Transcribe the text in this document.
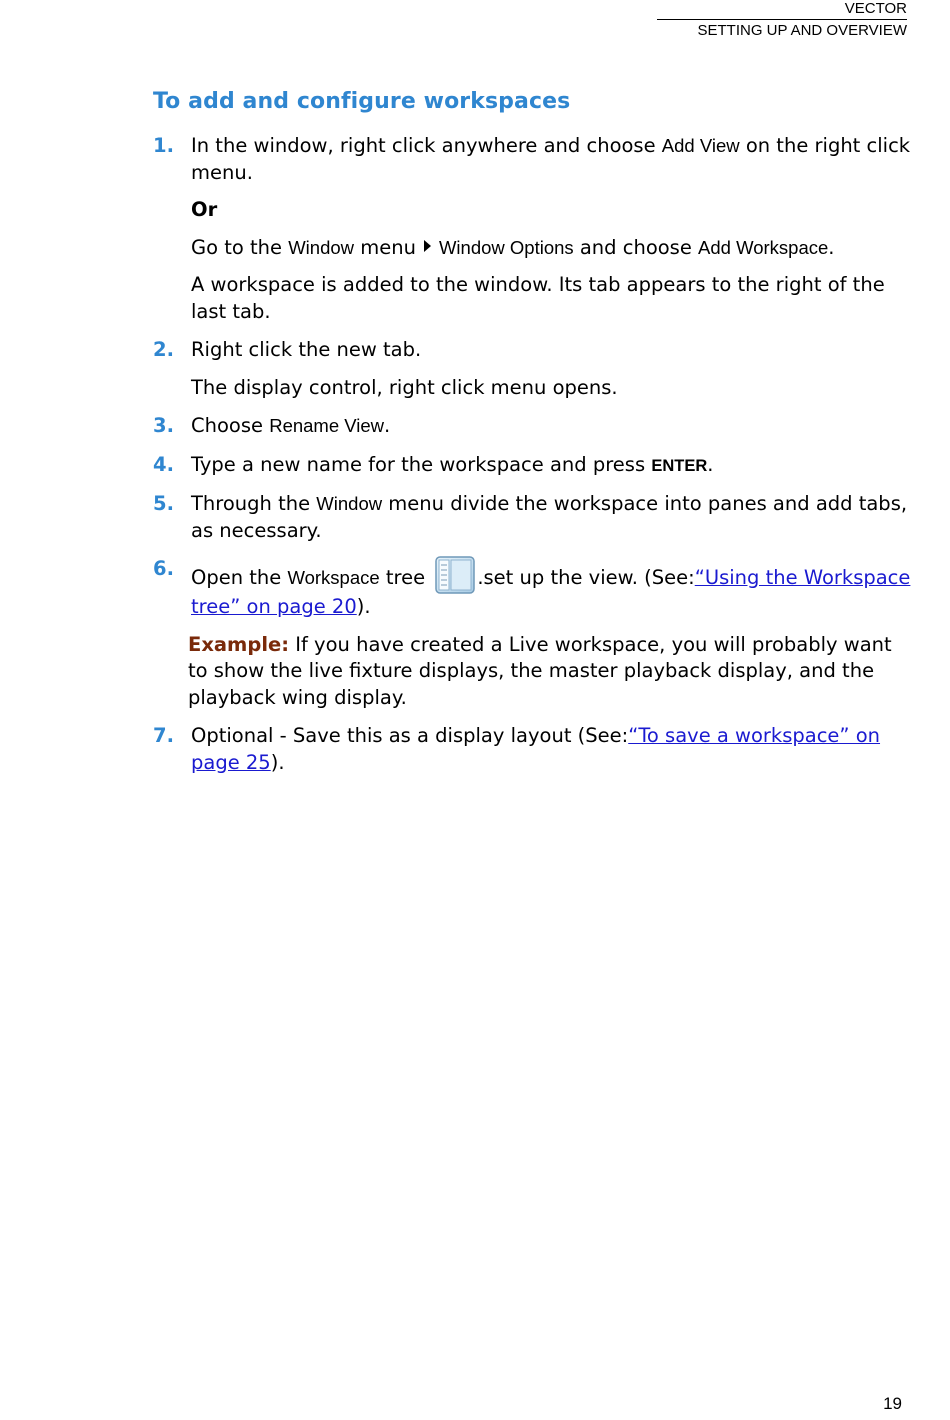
VECTOR
SETTING UP AND OVERVIEW
To add and configure workspaces
1. In the window, right click anywhere and choose Add View on the right click menu.

Or

Go to the Window menu Window Options and choose Add Workspace.

A workspace is added to the window. Its tab appears to the right of the last tab.

2. Right click the new tab.

The display control, right click menu opens.

3. Choose Rename View.

4. Type a new name for the workspace and press ENTER.

5. Through the Window menu divide the workspace into panes and add tabs, as necessary.

6. Open the Workspace tree .set up the view. (See:“Using the Workspace tree” on page 20).

Example: If you have created a Live workspace, you will probably want to show the live fixture displays, the master playback display, and the playback wing display.

7. Optional - Save this as a display layout (See:“To save a workspace” on page 25).

19
